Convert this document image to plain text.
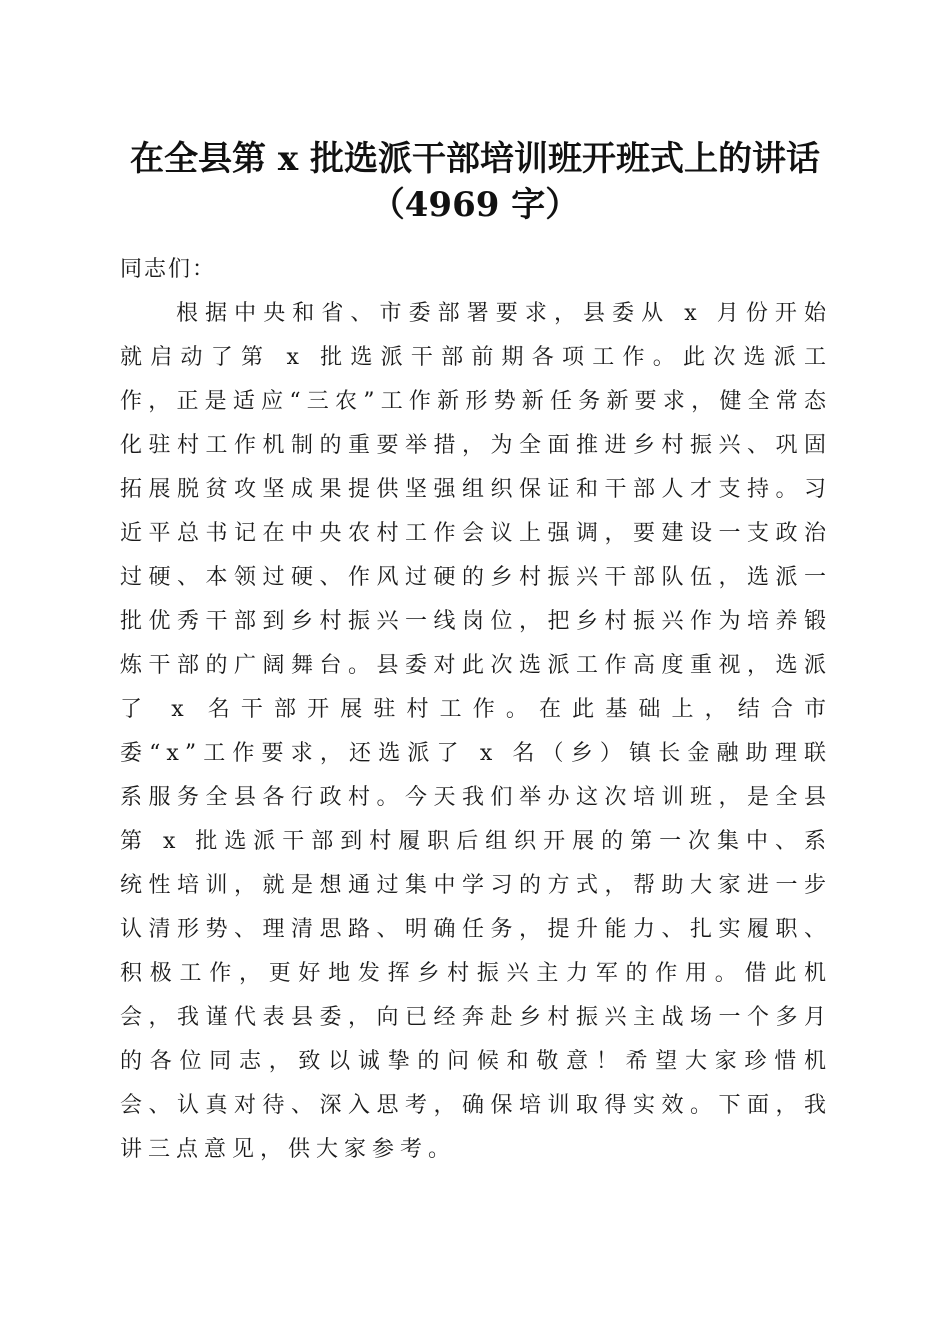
在全县第 x 批选派干部培训班开班式上的讲话
（4969 字）

同志们：

根据中央和省、市委部署要求，县委从 x 月份开始就启动了第 x 批选派干部前期各项工作。此次选派工作，正是适应“三农”工作新形势新任务新要求，健全常态化驻村工作机制的重要举措，为全面推进乡村振兴、巩固拓展脱贫攻坚成果提供坚强组织保证和干部人才支持。习近平总书记在中央农村工作会议上强调，要建设一支政治过硬、本领过硬、作风过硬的乡村振兴干部队伍，选派一批优秀干部到乡村振兴一线岗位，把乡村振兴作为培养锻炼干部的广阔舞台。县委对此次选派工作高度重视，选派了 x 名干部开展驻村工作。在此基础上，结合市委“x”工作要求，还选派了 x 名（乡）镇长金融助理联系服务全县各行政村。今天我们举办这次培训班，是全县第 x 批选派干部到村履职后组织开展的第一次集中、系统性培训，就是想通过集中学习的方式，帮助大家进一步认清形势、理清思路、明确任务，提升能力、扎实履职、积极工作，更好地发挥乡村振兴主力军的作用。借此机会，我谨代表县委，向已经奔赴乡村振兴主战场一个多月的各位同志，致以诚挚的问候和敬意！希望大家珍惜机会、认真对待、深入思考，确保培训取得实效。下面，我讲三点意见，供大家参考。
